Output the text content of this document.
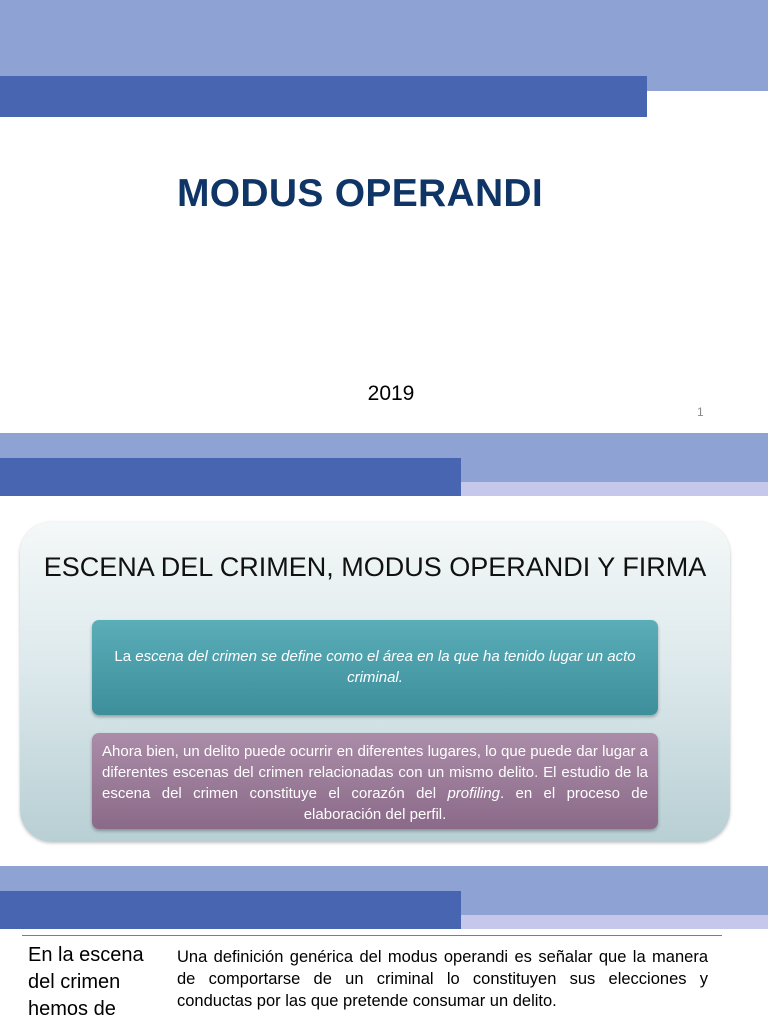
MODUS OPERANDI
2019
1
ESCENA DEL CRIMEN, MODUS OPERANDI Y FIRMA
La escena del crimen se define como el área en la que ha tenido lugar un acto criminal.
Ahora bien, un delito puede ocurrir en diferentes lugares, lo que puede dar lugar a diferentes escenas del crimen relacionadas con un mismo delito. El estudio de la escena del crimen constituye el corazón del profiling. en el proceso de elaboración del perfil.
En la escena del crimen hemos de
Una definición genérica del modus operandi es señalar que la manera de comportarse de un criminal lo constituyen sus elecciones y conductas por las que pretende consumar un delito.
